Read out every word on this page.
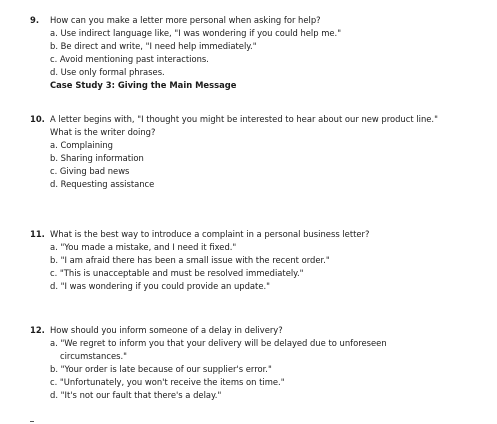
9.	How can you make a letter more personal when asking for help?
a. Use indirect language like, "I was wondering if you could help me."
b. Be direct and write, "I need help immediately."
c. Avoid mentioning past interactions.
d. Use only formal phrases.
Case Study 3: Giving the Main Message
10. A letter begins with, "I thought you might be interested to hear about our new product line."
What is the writer doing?
a. Complaining
b. Sharing information
c. Giving bad news
d. Requesting assistance
11. What is the best way to introduce a complaint in a personal business letter?
a. "You made a mistake, and I need it fixed."
b. "I am afraid there has been a small issue with the recent order."
c. "This is unacceptable and must be resolved immediately."
d. "I was wondering if you could provide an update."
12. How should you inform someone of a delay in delivery?
a. "We regret to inform you that your delivery will be delayed due to unforeseen
circumstances."
b. "Your order is late because of our supplier's error."
c. "Unfortunately, you won't receive the items on time."
d. "It's not our fault that there's a delay."
